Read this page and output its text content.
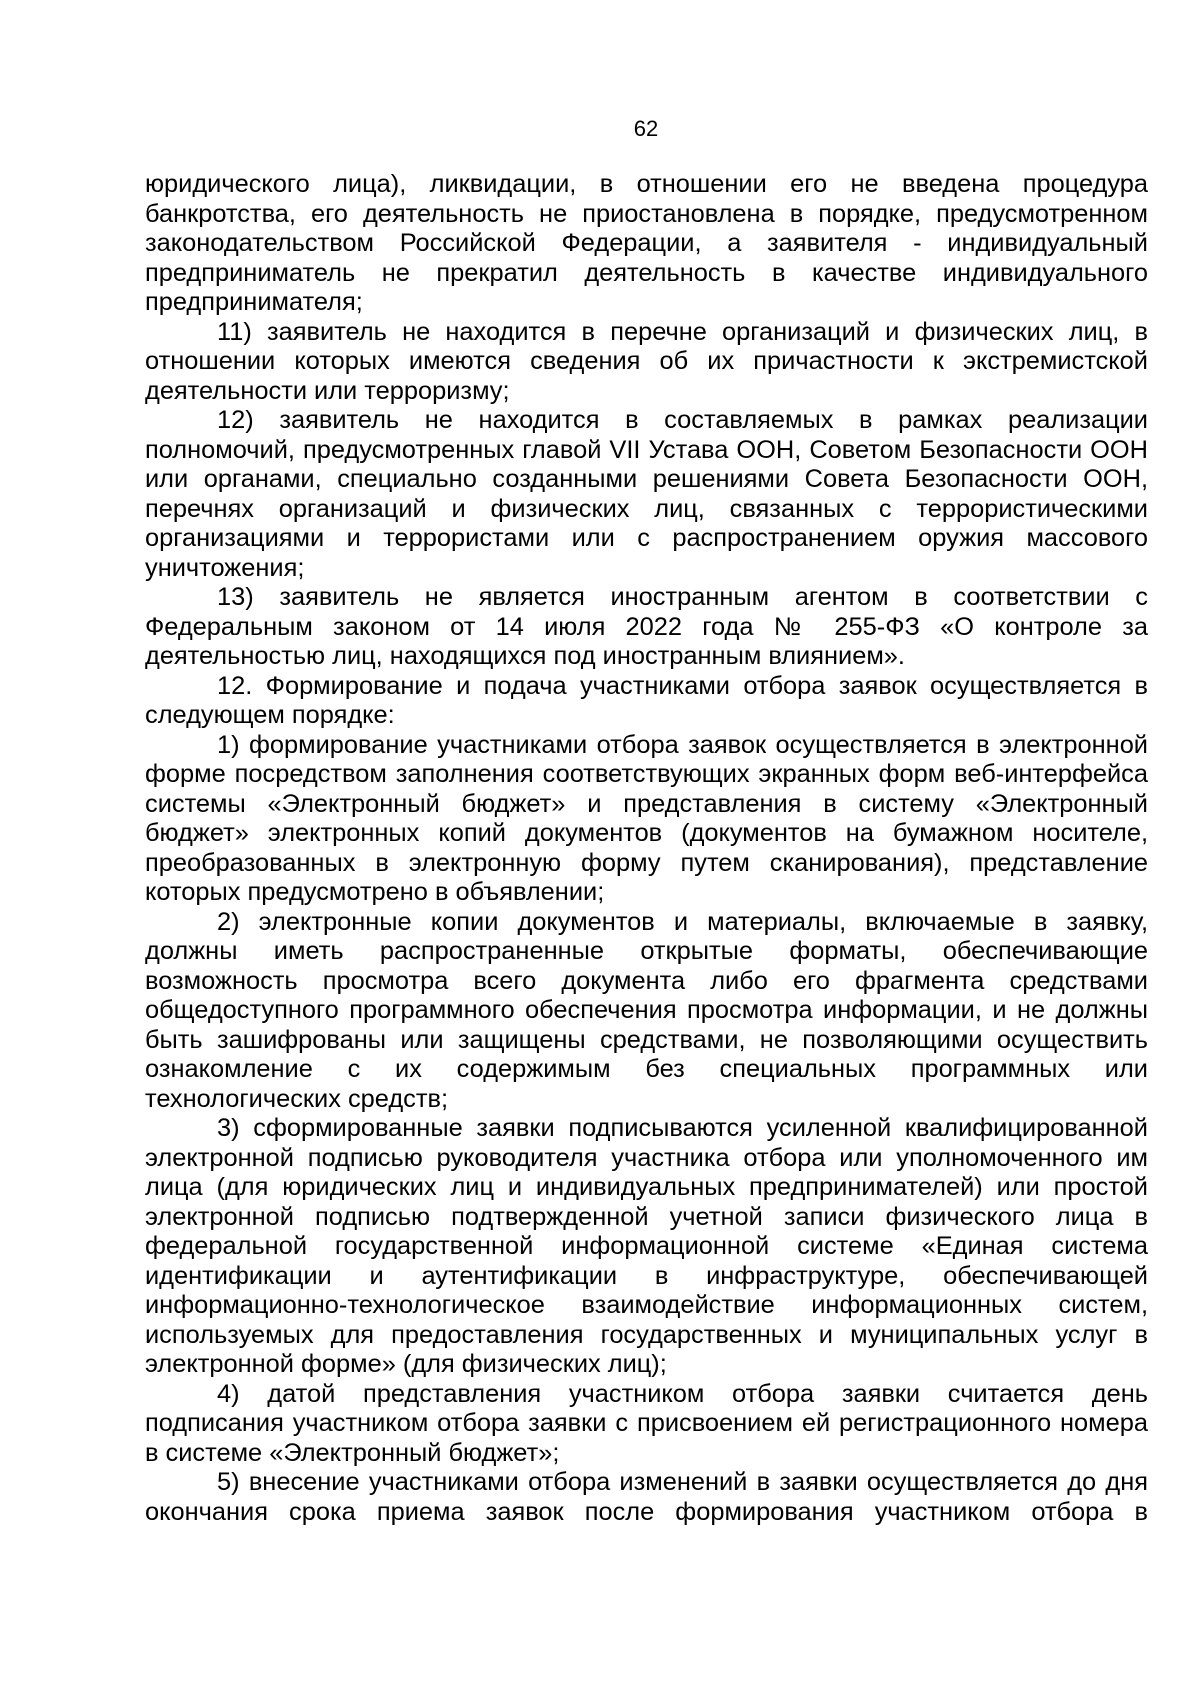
62

юридического лица), ликвидации, в отношении его не введена процедура банкротства, его деятельность не приостановлена в порядке, предусмотренном законодательством Российской Федерации, а заявителя - индивидуальный предприниматель не прекратил деятельность в качестве индивидуального предпринимателя;

11) заявитель не находится в перечне организаций и физических лиц, в отношении которых имеются сведения об их причастности к экстремистской деятельности или терроризму;

12) заявитель не находится в составляемых в рамках реализации полномочий, предусмотренных главой VII Устава ООН, Советом Безопасности ООН или органами, специально созданными решениями Совета Безопасности ООН, перечнях организаций и физических лиц, связанных с террористическими организациями и террористами или с распространением оружия массового уничтожения;

13) заявитель не является иностранным агентом в соответствии с Федеральным законом от 14 июля 2022 года № 255-ФЗ «О контроле за деятельностью лиц, находящихся под иностранным влиянием».

12. Формирование и подача участниками отбора заявок осуществляется в следующем порядке:

1) формирование участниками отбора заявок осуществляется в электронной форме посредством заполнения соответствующих экранных форм веб-интерфейса системы «Электронный бюджет» и представления в систему «Электронный бюджет» электронных копий документов (документов на бумажном носителе, преобразованных в электронную форму путем сканирования), представление которых предусмотрено в объявлении;

2) электронные копии документов и материалы, включаемые в заявку, должны иметь распространенные открытые форматы, обеспечивающие возможность просмотра всего документа либо его фрагмента средствами общедоступного программного обеспечения просмотра информации, и не должны быть зашифрованы или защищены средствами, не позволяющими осуществить ознакомление с их содержимым без специальных программных или технологических средств;

3) сформированные заявки подписываются усиленной квалифицированной электронной подписью руководителя участника отбора или уполномоченного им лица (для юридических лиц и индивидуальных предпринимателей) или простой электронной подписью подтвержденной учетной записи физического лица в федеральной государственной информационной системе «Единая система идентификации и аутентификации в инфраструктуре, обеспечивающей информационно-технологическое взаимодействие информационных систем, используемых для предоставления государственных и муниципальных услуг в электронной форме» (для физических лиц);

4) датой представления участником отбора заявки считается день подписания участником отбора заявки с присвоением ей регистрационного номера в системе «Электронный бюджет»;

5) внесение участниками отбора изменений в заявки осуществляется до дня окончания срока приема заявок после формирования участником отбора в
